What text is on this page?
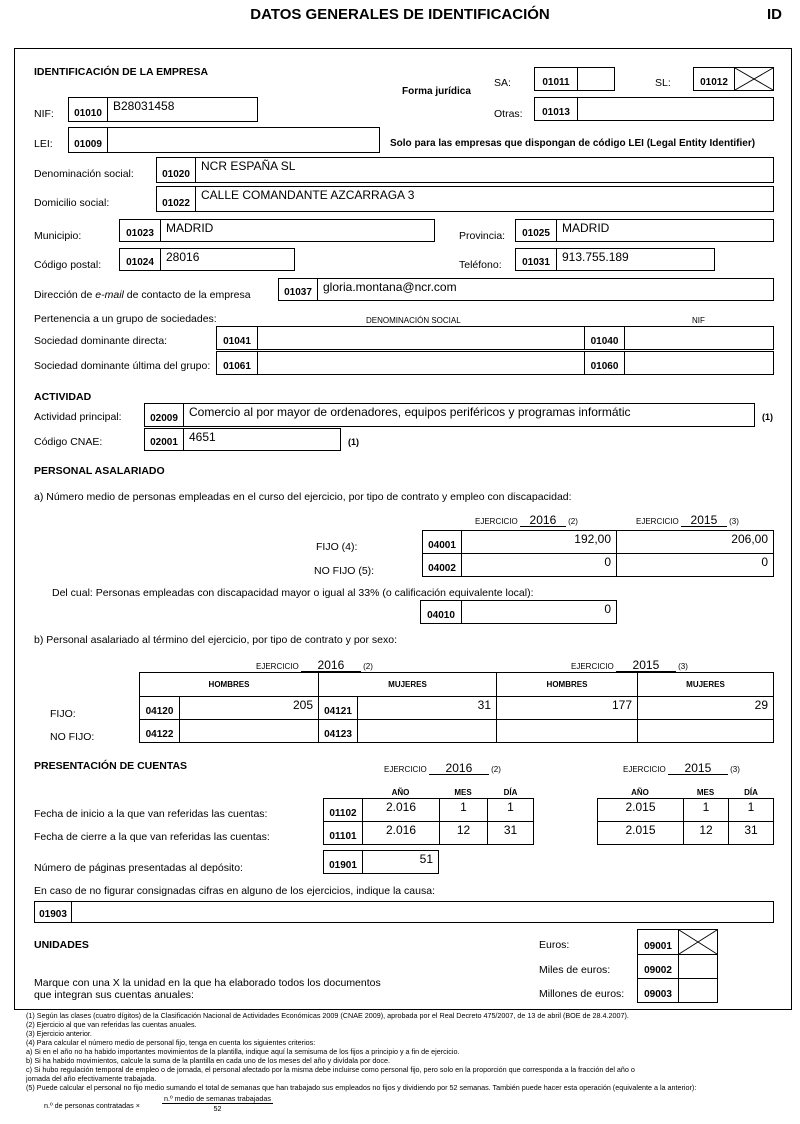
DATOS GENERALES DE IDENTIFICACIÓN	ID
IDENTIFICACIÓN DE LA EMPRESA
Forma jurídica
SA:	01011	SL:	01012
NIF:	01010
B28031458
Otras:	01013
LEI:	01009	Solo para las empresas que dispongan de código LEI (Legal Entity Identifier)
Denominación social:	01020
NCR ESPAÑA SL
Domicilio social:	01022
CALLE COMANDANTE AZCARRAGA 3
Municipio:	01023	MADRID
Provincia:	01025	MADRID
Código postal:	01024	28016
Teléfono:	01031	913.755.189
Dirección de e-mail de contacto de la empresa	01037 gloria.montana@ncr.com
Pertenencia a un grupo de sociedades:	DENOMINACIÓN SOCIAL	NIF
Sociedad dominante directa:	01041	01040
Sociedad dominante última del grupo:	01061	01060
ACTIVIDAD
Actividad principal:	02009 Comercio al por mayor de ordenadores, equipos periféricos y programas informátic	(1)
Código CNAE:	02001 4651	(1)
PERSONAL ASALARIADO
a) Número medio de personas empleadas en el curso del ejercicio, por tipo de contrato y empleo con discapacidad:
EJERCICIO 2016 (2)	EJERCICIO 2015 (3)
FIJO (4):	04001	192,00	206,00
NO FIJO (5):	04002	0	0
Del cual: Personas empleadas con discapacidad mayor o igual al 33% (o calificación equivalente local):
04010	0
b) Personal asalariado al término del ejercicio, por tipo de contrato y por sexo:
EJERCICIO 2016 (2)	EJERCICIO 2015 (3)
HOMBRES	MUJERES	HOMBRES	MUJERES
FIJO:	04120	205	04121	31	177	29
NO FIJO:	04122	04123
PRESENTACIÓN DE CUENTAS	EJERCICIO 2016 (2)	EJERCICIO 2015 (3)
AÑO	MES	DÍA	AÑO	MES	DÍA
Fecha de inicio a la que van referidas las cuentas:	01102	2.016	1	1	2.015	1	1
Fecha de cierre a la que van referidas las cuentas:	01101	2.016	12	31	2.015	12	31
Número de páginas presentadas al depósito:	01901	51
En caso de no figurar consignadas cifras en alguno de los ejercicios, indique la causa:
01903
UNIDADES
Marque con una X la unidad en la que ha elaborado todos los documentos
que integran sus cuentas anuales:
Euros:	09001
Miles de euros:	09002
Millones de euros:	09003
(1) Según las clases (cuatro dígitos) de la Clasificación Nacional de Actividades Económicas 2009 (CNAE 2009), aprobada por el Real Decreto 475/2007, de 13 de abril (BOE de 28.4.2007).
(2) Ejercicio al que van referidas las cuentas anuales.
(3) Ejercicio anterior.
(4) Para calcular el número medio de personal fijo, tenga en cuenta los siguientes criterios:
a) Si en el año no ha habido importantes movimientos de la plantilla, indique aquí la semisuma de los fijos a principio y a fin de ejercicio.
b) Si ha habido movimientos, calcule la suma de la plantilla en cada uno de los meses del año y divídala por doce.
c) Si hubo regulación temporal de empleo o de jornada, el personal afectado por la misma debe incluirse como personal fijo, pero solo en la proporción que corresponda a la fracción del año o
jornada del año efectivamente trabajada.
(5) Puede calcular el personal no fijo medio sumando el total de semanas que han trabajado sus empleados no fijos y dividiendo por 52 semanas. También puede hacer esta operación (equivalente a la anterior):
n.º de personas contratadas ×
n.º medio de semanas trabajadas
52
